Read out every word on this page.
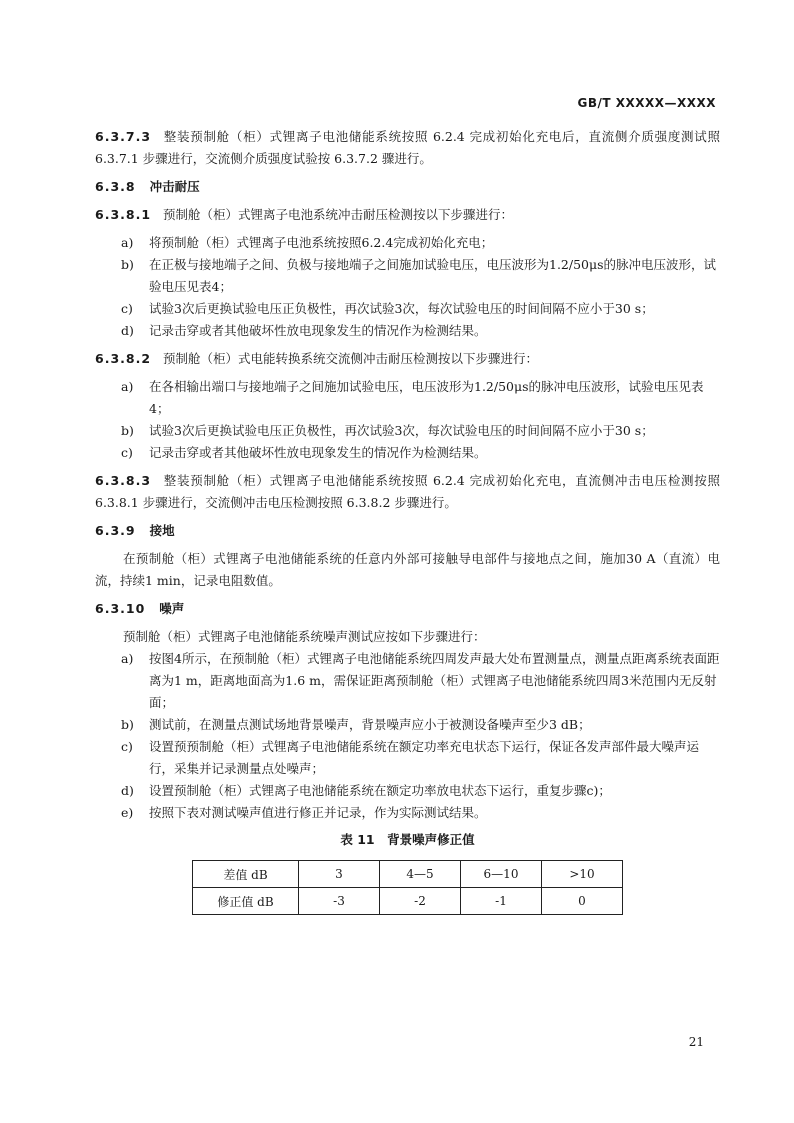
GB/T XXXXX—XXXX

6.3.7.3 整装预制舱（柜）式锂离子电池储能系统按照 6.2.4 完成初始化充电后，直流侧介质强度测试照 6.3.7.1 步骤进行，交流侧介质强度试验按 6.3.7.2 骤进行。

6.3.8 冲击耐压

6.3.8.1 预制舱（柜）式锂离子电池系统冲击耐压检测按以下步骤进行：

a)	将预制舱（柜）式锂离子电池系统按照6.2.4完成初始化充电；
b)	在正极与接地端子之间、负极与接地端子之间施加试验电压，电压波形为1.2/50μs的脉冲电压波形，试验电压见表4；
c)	试验3次后更换试验电压正负极性，再次试验3次，每次试验电压的时间间隔不应小于30 s；
d)	记录击穿或者其他破坏性放电现象发生的情况作为检测结果。

6.3.8.2 预制舱（柜）式电能转换系统交流侧冲击耐压检测按以下步骤进行：

a)	在各相输出端口与接地端子之间施加试验电压，电压波形为1.2/50μs的脉冲电压波形，试验电压见表4；
b)	试验3次后更换试验电压正负极性，再次试验3次，每次试验电压的时间间隔不应小于30 s；
c)	记录击穿或者其他破坏性放电现象发生的情况作为检测结果。

6.3.8.3 整装预制舱（柜）式锂离子电池储能系统按照 6.2.4 完成初始化充电，直流侧冲击电压检测按照 6.3.8.1 步骤进行，交流侧冲击电压检测按照 6.3.8.2 步骤进行。

6.3.9 接地

在预制舱（柜）式锂离子电池储能系统的任意内外部可接触导电部件与接地点之间，施加30 A（直流）电流，持续1 min，记录电阻数值。

6.3.10 噪声

预制舱（柜）式锂离子电池储能系统噪声测试应按如下步骤进行：

a)	按图4所示，在预制舱（柜）式锂离子电池储能系统四周发声最大处布置测量点，测量点距离系统表面距离为1 m，距离地面高为1.6 m，需保证距离预制舱（柜）式锂离子电池储能系统四周3米范围内无反射面；
b)	测试前，在测量点测试场地背景噪声，背景噪声应小于被测设备噪声至少3 dB；
c)	设置预预制舱（柜）式锂离子电池储能系统在额定功率充电状态下运行，保证各发声部件最大噪声运行，采集并记录测量点处噪声；
d)	设置预制舱（柜）式锂离子电池储能系统在额定功率放电状态下运行，重复步骤c)；
e)	按照下表对测试噪声值进行修正并记录，作为实际测试结果。
表 11　背景噪声修正值
差值 dB	3	4—5	6—10	>10
修正值 dB	-3	-2	-1	0
21
